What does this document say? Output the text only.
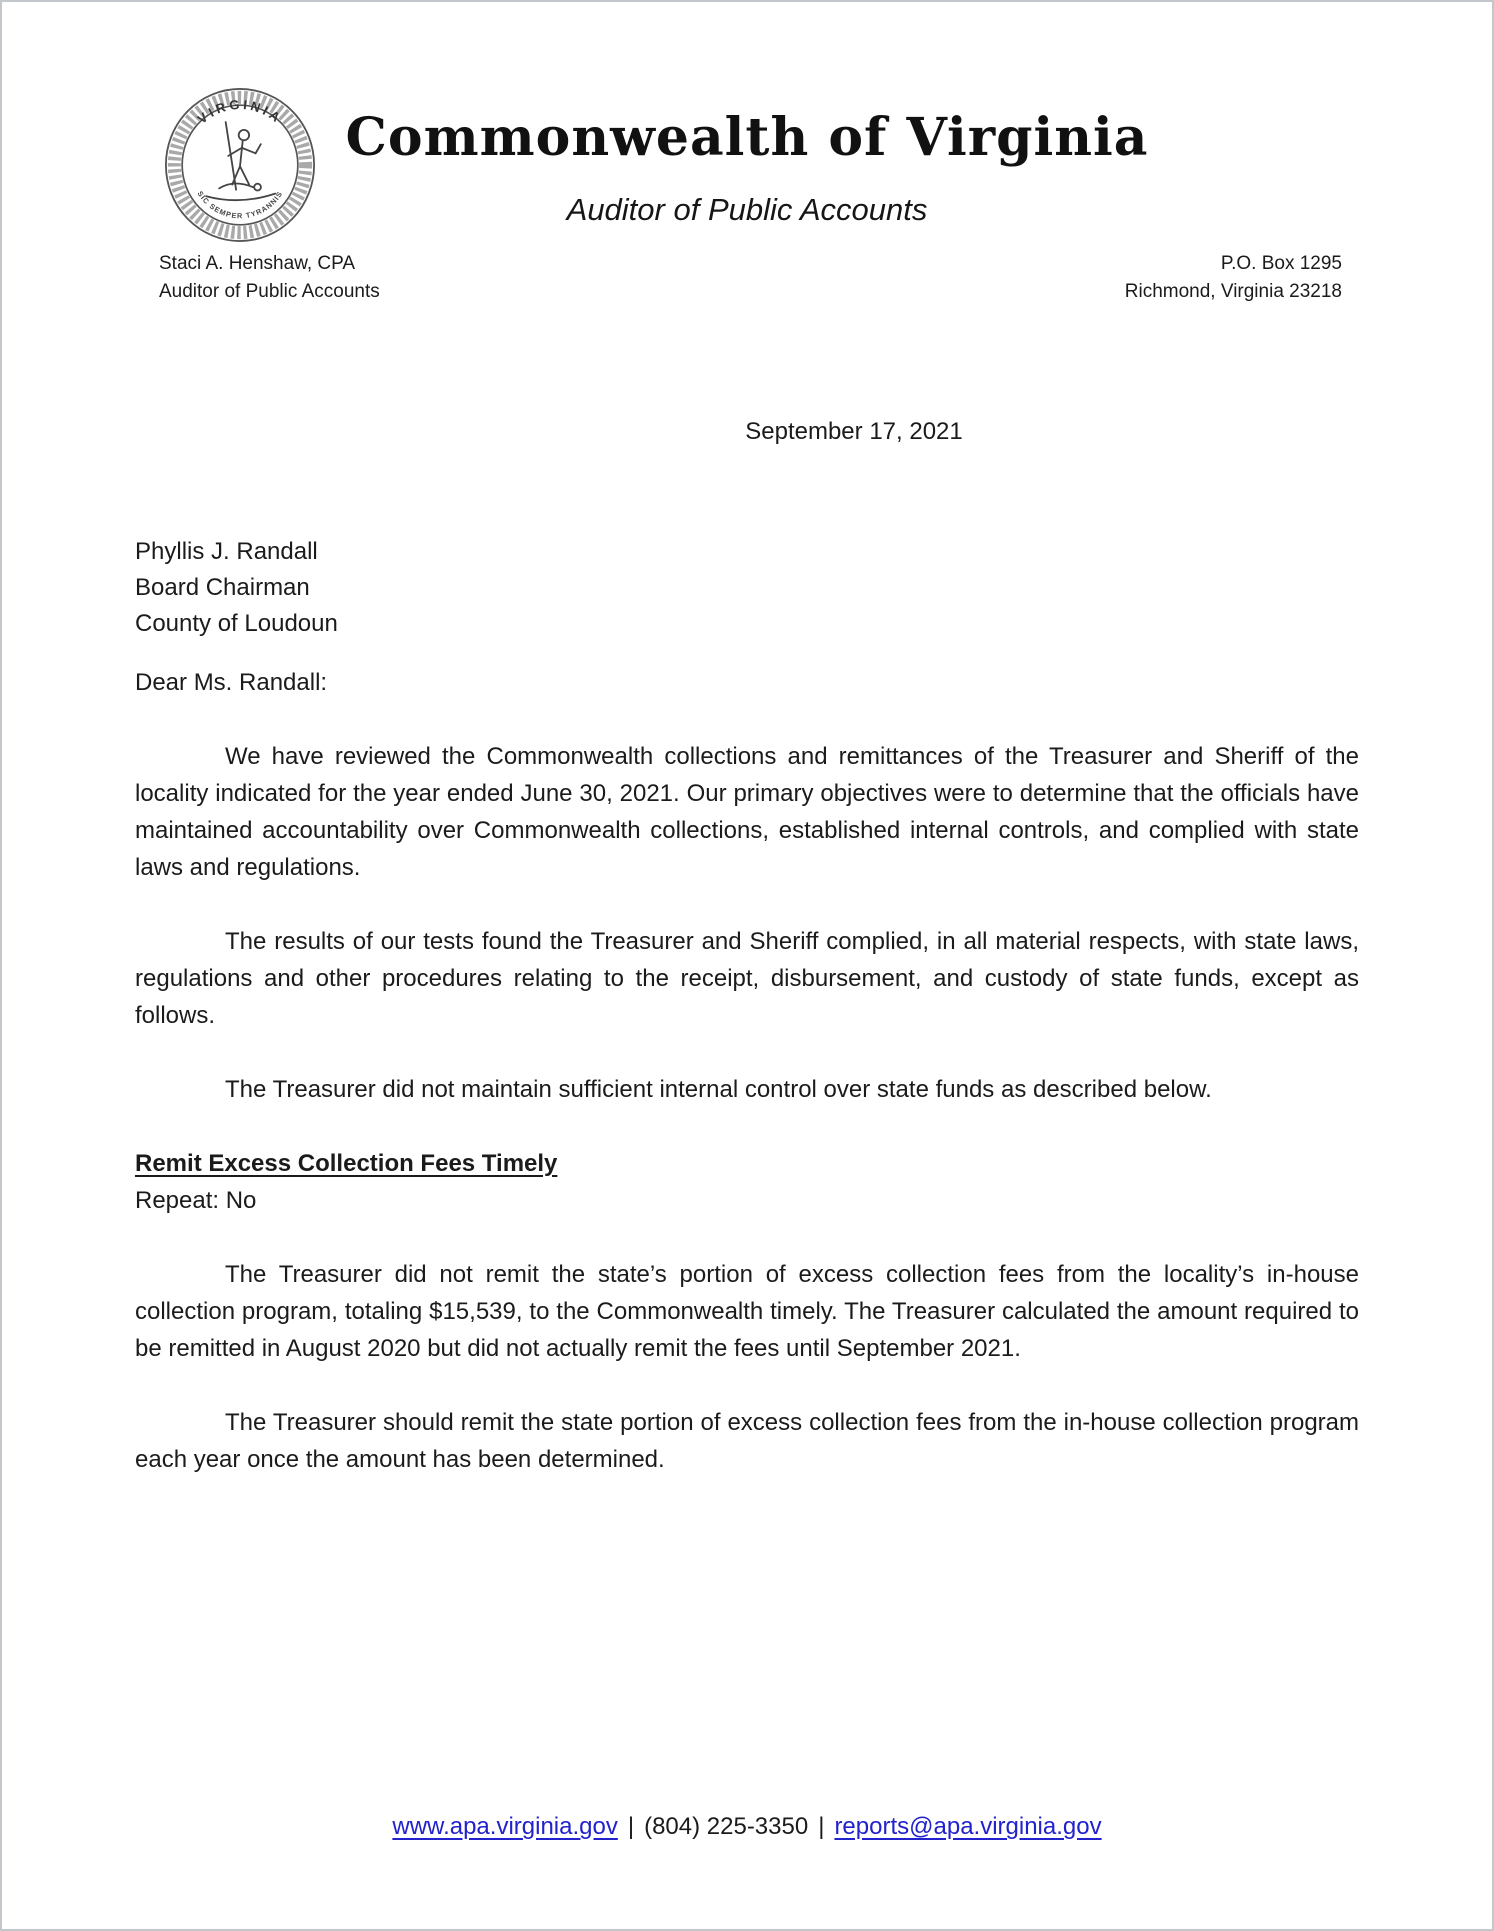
VIRGINIA
SIC SEMPER TYRANNIS
Commonwealth of Virginia
Auditor of Public Accounts
Staci A. Henshaw, CPA
Auditor of Public Accounts
P.O. Box 1295
Richmond, Virginia 23218
September 17, 2021
Phyllis J. Randall
Board Chairman
County of Loudoun
Dear Ms. Randall:

We have reviewed the Commonwealth collections and remittances of the Treasurer and Sheriff of the locality indicated for the year ended June 30, 2021. Our primary objectives were to determine that the officials have maintained accountability over Commonwealth collections, established internal controls, and complied with state laws and regulations.

The results of our tests found the Treasurer and Sheriff complied, in all material respects, with state laws, regulations and other procedures relating to the receipt, disbursement, and custody of state funds, except as follows.

The Treasurer did not maintain sufficient internal control over state funds as described below.

Remit Excess Collection Fees Timely
Repeat: No

The Treasurer did not remit the state’s portion of excess collection fees from the locality’s in-house collection program, totaling $15,539, to the Commonwealth timely. The Treasurer calculated the amount required to be remitted in August 2020 but did not actually remit the fees until September 2021.

The Treasurer should remit the state portion of excess collection fees from the in-house collection program each year once the amount has been determined.

www.apa.virginia.gov | (804) 225-3350 | reports@apa.virginia.gov
